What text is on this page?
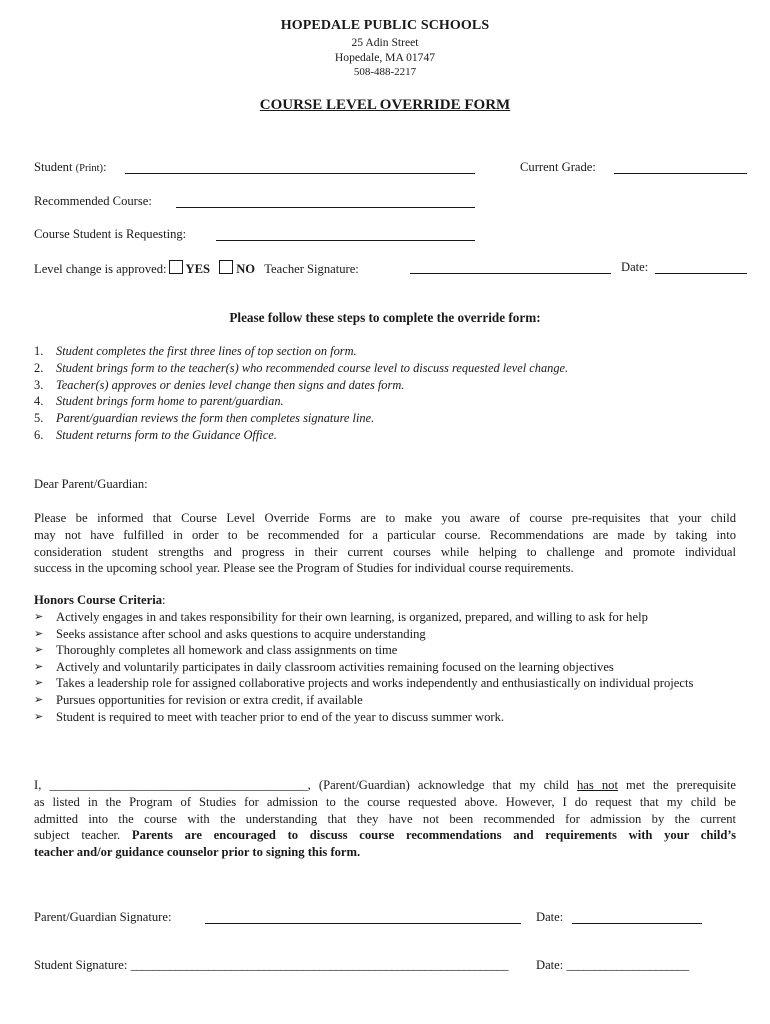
HOPEDALE PUBLIC SCHOOLS
25 Adin Street
Hopedale, MA 01747
508-488-2217
COURSE LEVEL OVERRIDE FORM
Student (Print):	Current Grade:
Recommended Course:
Course Student is Requesting:
Level change is approved: YES NO Teacher Signature:	Date:
Please follow these steps to complete the override form:
1. Student completes the first three lines of top section on form.
2. Student brings form to the teacher(s) who recommended course level to discuss requested level change.
3. Teacher(s) approves or denies level change then signs and dates form.
4. Student brings form home to parent/guardian.
5. Parent/guardian reviews the form then completes signature line.
6. Student returns form to the Guidance Office.
Dear Parent/Guardian:
Please be informed that Course Level Override Forms are to make you aware of course pre-requisites that your child
may not have fulfilled in order to be recommended for a particular course. Recommendations are made by taking into
consideration student strengths and progress in their current courses while helping to challenge and promote individual
success in the upcoming school year. Please see the Program of Studies for individual course requirements.
Honors Course Criteria:
➢ Actively engages in and takes responsibility for their own learning, is organized, prepared, and willing to ask for help
➢ Seeks assistance after school and asks questions to acquire understanding
➢ Thoroughly completes all homework and class assignments on time
➢ Actively and voluntarily participates in daily classroom activities remaining focused on the learning objectives
➢ Takes a leadership role for assigned collaborative projects and works independently and enthusiastically on individual projects
➢ Pursues opportunities for revision or extra credit, if available
➢ Student is required to meet with teacher prior to end of the year to discuss summer work.
I, _________________________________________, (Parent/Guardian) acknowledge that my child has not met the prerequisite
as listed in the Program of Studies for admission to the course requested above. However, I do request that my child be
admitted into the course with the understanding that they have not been recommended for admission by the current
subject teacher. Parents are encouraged to discuss course recommendations and requirements with your child’s
teacher and/or guidance counselor prior to signing this form.
Parent/Guardian Signature:	Date:
Student Signature: ____________________________________________________________________ Date: ______________________
